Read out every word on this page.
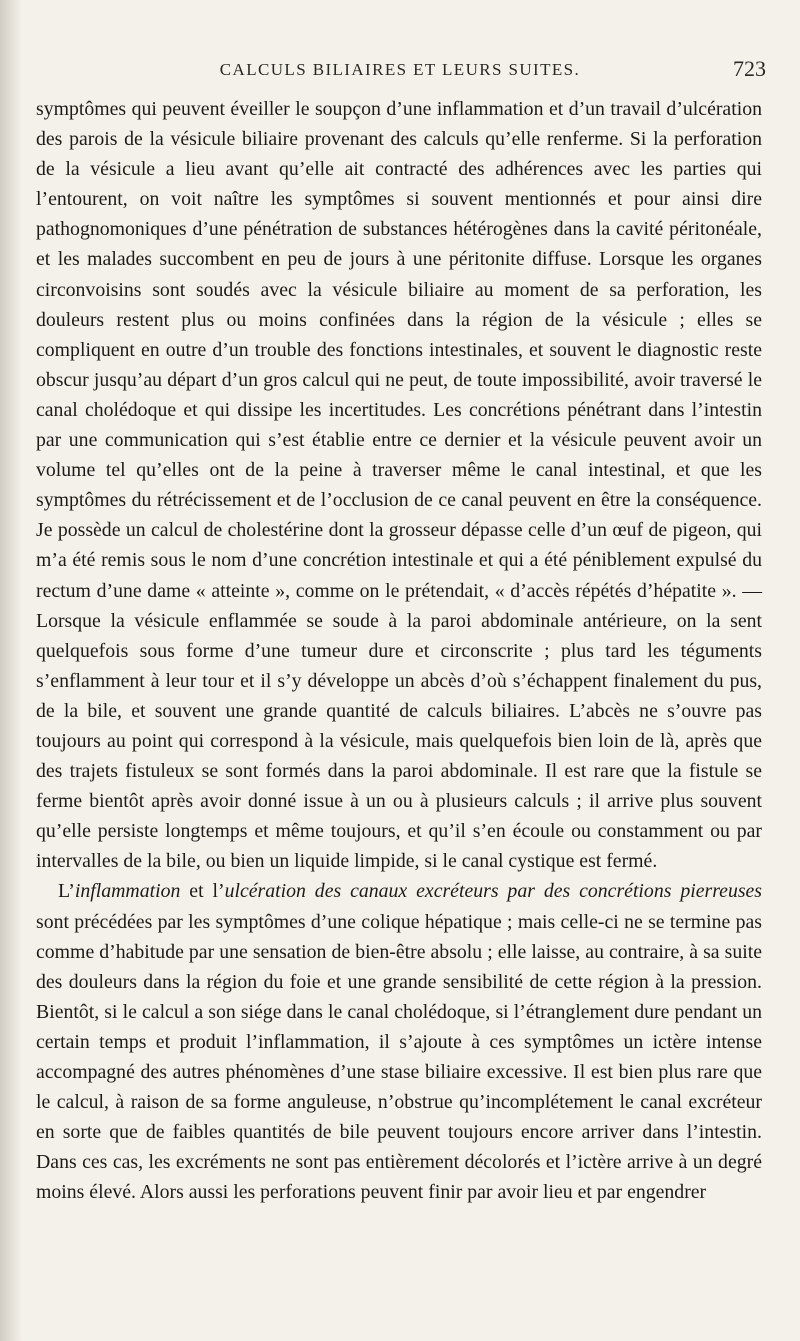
CALCULS BILIAIRES ET LEURS SUITES.	723

symptômes qui peuvent éveiller le soupçon d’une inflammation et d’un travail d’ulcération des parois de la vésicule biliaire provenant des calculs qu’elle renferme. Si la perforation de la vésicule a lieu avant qu’elle ait contracté des adhérences avec les parties qui l’entourent, on voit naître les symptômes si souvent mentionnés et pour ainsi dire pathognomoniques d’une pénétration de substances hétérogènes dans la cavité péritonéale, et les malades succombent en peu de jours à une péritonite diffuse. Lorsque les organes circonvoisins sont soudés avec la vésicule biliaire au moment de sa perforation, les douleurs restent plus ou moins confinées dans la région de la vésicule ; elles se compliquent en outre d’un trouble des fonctions intestinales, et souvent le diagnostic reste obscur jusqu’au départ d’un gros calcul qui ne peut, de toute impossibilité, avoir traversé le canal cholédoque et qui dissipe les incertitudes. Les concrétions pénétrant dans l’intestin par une communication qui s’est établie entre ce dernier et la vésicule peuvent avoir un volume tel qu’elles ont de la peine à traverser même le canal intestinal, et que les symptômes du rétrécissement et de l’occlusion de ce canal peuvent en être la conséquence. Je possède un calcul de cholestérine dont la grosseur dépasse celle d’un œuf de pigeon, qui m’a été remis sous le nom d’une concrétion intestinale et qui a été péniblement expulsé du rectum d’une dame « atteinte », comme on le prétendait, « d’accès répétés d’hépatite ». — Lorsque la vésicule enflammée se soude à la paroi abdominale antérieure, on la sent quelquefois sous forme d’une tumeur dure et circonscrite ; plus tard les téguments s’enflamment à leur tour et il s’y développe un abcès d’où s’échappent finalement du pus, de la bile, et souvent une grande quantité de calculs biliaires. L’abcès ne s’ouvre pas toujours au point qui correspond à la vésicule, mais quelquefois bien loin de là, après que des trajets fistuleux se sont formés dans la paroi abdominale. Il est rare que la fistule se ferme bientôt après avoir donné issue à un ou à plusieurs calculs ; il arrive plus souvent qu’elle persiste longtemps et même toujours, et qu’il s’en écoule ou constamment ou par intervalles de la bile, ou bien un liquide limpide, si le canal cystique est fermé.

L’inflammation et l’ulcération des canaux excréteurs par des concrétions pierreuses sont précédées par les symptômes d’une colique hépatique ; mais celle-ci ne se termine pas comme d’habitude par une sensation de bien-être absolu ; elle laisse, au contraire, à sa suite des douleurs dans la région du foie et une grande sensibilité de cette région à la pression. Bientôt, si le calcul a son siége dans le canal cholédoque, si l’étranglement dure pendant un certain temps et produit l’inflammation, il s’ajoute à ces symptômes un ictère intense accompagné des autres phénomènes d’une stase biliaire excessive. Il est bien plus rare que le calcul, à raison de sa forme anguleuse, n’obstrue qu’incomplétement le canal excréteur en sorte que de faibles quantités de bile peuvent toujours encore arriver dans l’intestin. Dans ces cas, les excréments ne sont pas entièrement décolorés et l’ictère arrive à un degré moins élevé. Alors aussi les perforations peuvent finir par avoir lieu et par engendrer
